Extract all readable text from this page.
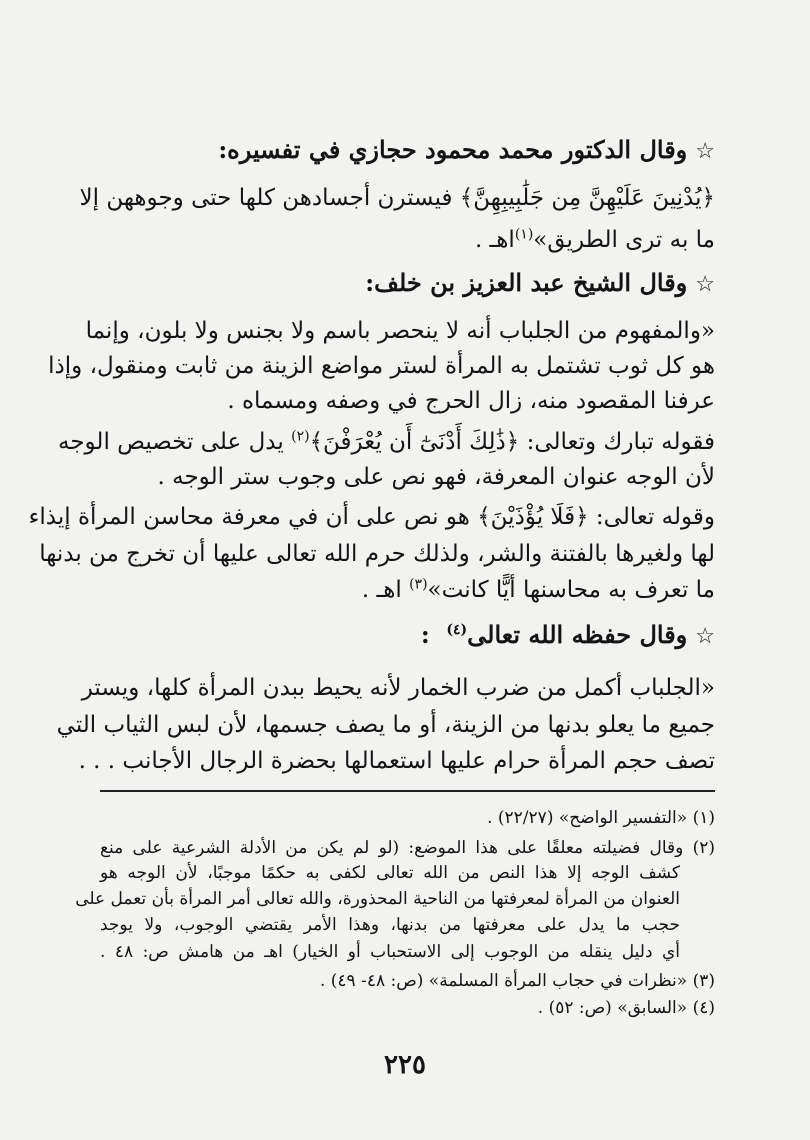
☆وقال الدكتور محمد محمود حجازي في تفسيره:
﴿يُدْنِينَ عَلَيْهِنَّ مِن جَلَٰبِيبِهِنَّ﴾ فيسترن أجسادهن كلها حتى وجوههن إلا
ما به ترى الطريق»$^{(١)}$اهـ .
☆وقال الشيخ عبد العزيز بن خلف:
«والمفهوم من الجلباب أنه لا ينحصر باسم ولا بجنس ولا بلون، وإنما
هو كل ثوب تشتمل به المرأة لستر مواضع الزينة من ثابت ومنقول، وإذا
عرفنا المقصود منه، زال الحرج في وصفه ومسماه .
فقوله تبارك وتعالى: ﴿ذَٰلِكَ أَدْنَىٰٓ أَن يُعْرَفْنَ﴾$^{(٢)}$ يدل على تخصيص الوجه
لأن الوجه عنوان المعرفة، فهو نص على وجوب ستر الوجه .
وقوله تعالى: ﴿فَلَا يُؤْذَيْنَ﴾ هو نص على أن في معرفة محاسن المرأة إيذاء
لها ولغيرها بالفتنة والشر، ولذلك حرم الله تعالى عليها أن تخرج من بدنها
ما تعرف به محاسنها أيًّا كانت»$^{(٣)}$ اهـ .
☆وقال حفظه الله تعالى$^{(٤)}$  :
«الجلباب أكمل من ضرب الخمار لأنه يحيط ببدن المرأة كلها، ويستر
جميع ما يعلو بدنها من الزينة، أو ما يصف جسمها، لأن لبس الثياب التي
تصف حجم المرأة حرام عليها استعمالها بحضرة الرجال الأجانب . . .
(١) «التفسير الواضح» (٢٢/٢٧) .
(٢) وقال فضيلته معلقًا على هذا الموضع: (لو لم يكن من الأدلة الشرعية على منع
كشف الوجه إلا هذا النص من الله تعالى لكفى به حكمًا موجبًا، لأن الوجه هو
العنوان من المرأة لمعرفتها من الناحية المحذورة، والله تعالى أمر المرأة بأن تعمل على
حجب ما يدل على معرفتها من بدنها، وهذا الأمر يقتضي الوجوب، ولا يوجد
أي دليل ينقله من الوجوب إلى الاستحباب أو الخيار) اهـ من هامش ص: ٤٨ .
(٣) «نظرات في حجاب المرأة المسلمة» (ص: ٤٨- ٤٩) .
(٤) «السابق» (ص: ٥٢) .
٢٢٥
